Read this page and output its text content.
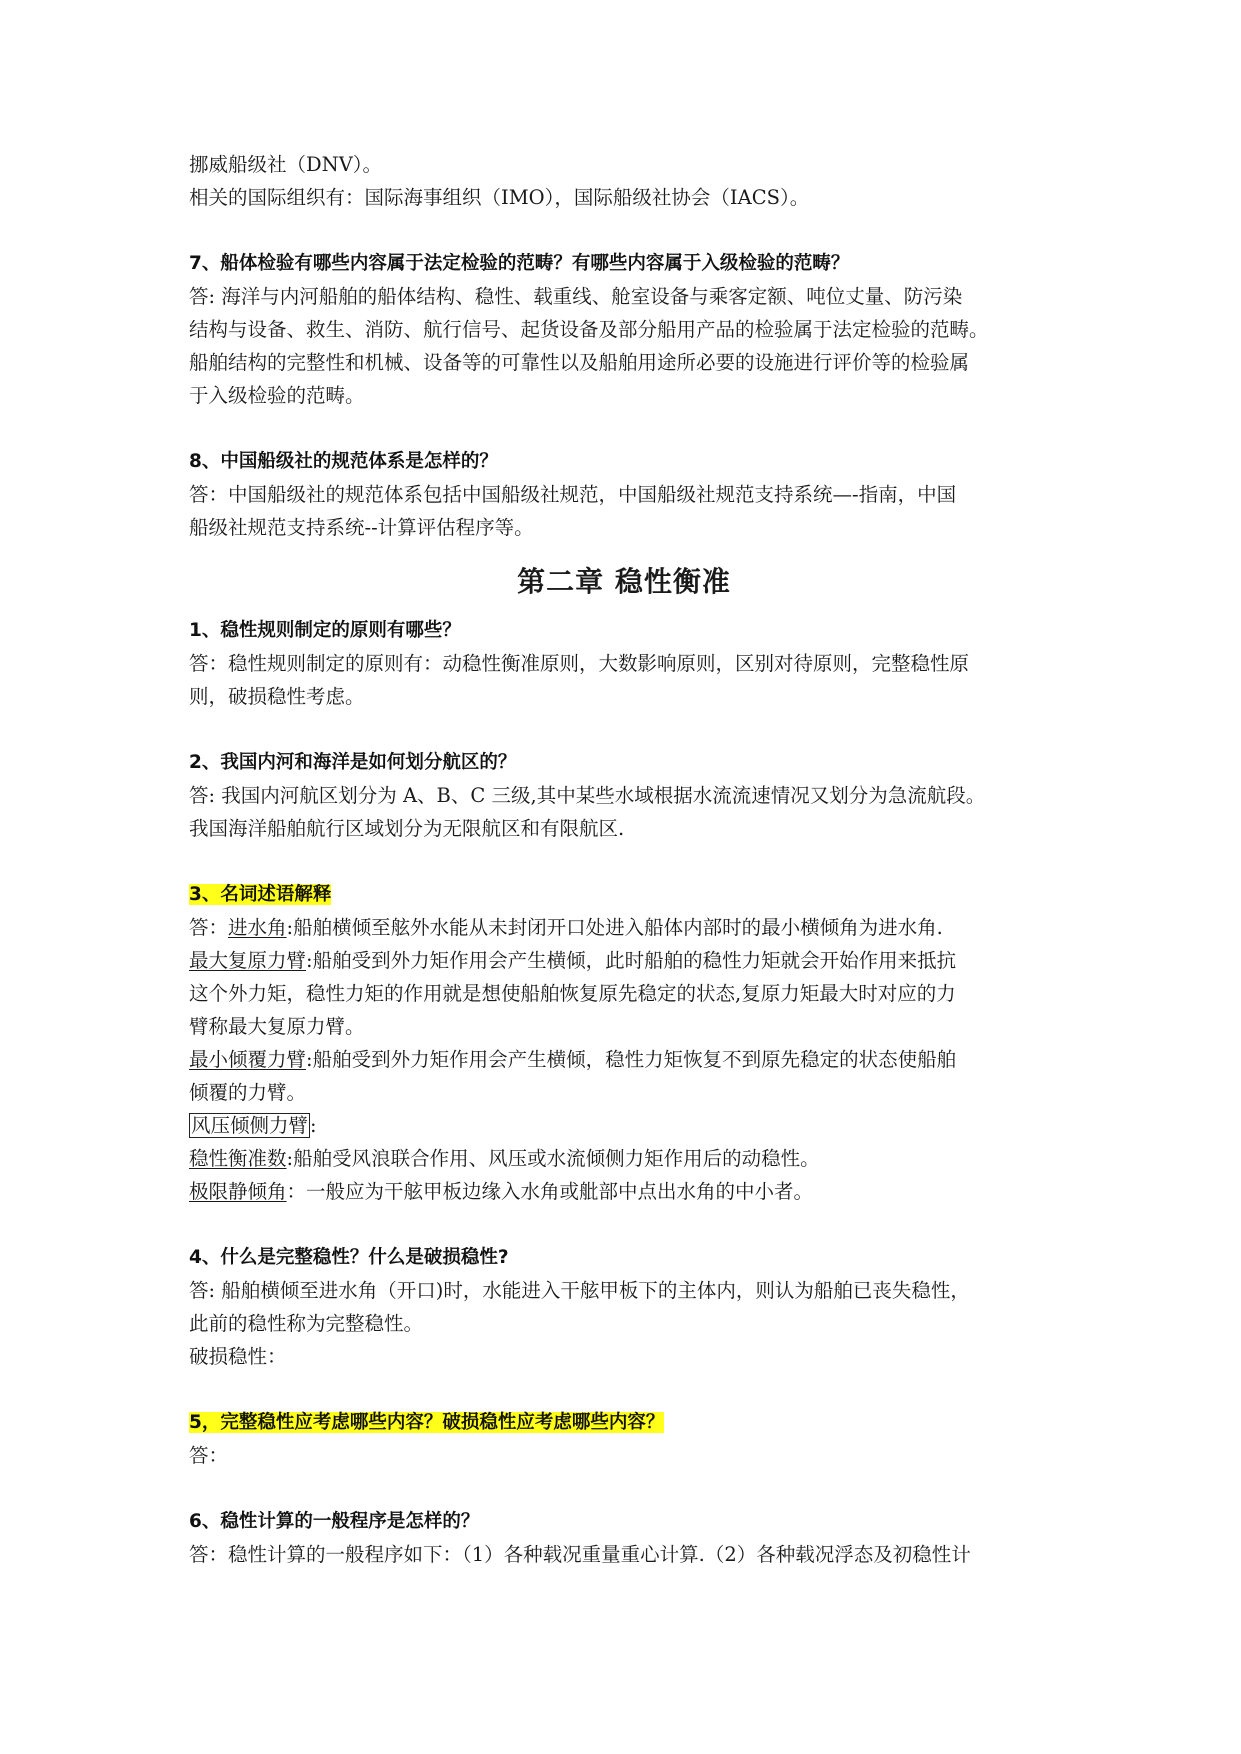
挪威船级社（DNV）。
相关的国际组织有：国际海事组织（IMO），国际船级社协会（IACS）。
7、船体检验有哪些内容属于法定检验的范畴？有哪些内容属于入级检验的范畴？
答: 海洋与内河船舶的船体结构、稳性、载重线、舱室设备与乘客定额、吨位丈量、防污染
结构与设备、救生、消防、航行信号、起货设备及部分船用产品的检验属于法定检验的范畴。
船舶结构的完整性和机械、设备等的可靠性以及船舶用途所必要的设施进行评价等的检验属
于入级检验的范畴。
8、中国船级社的规范体系是怎样的？
答：中国船级社的规范体系包括中国船级社规范，中国船级社规范支持系统—-指南，中国
船级社规范支持系统--计算评估程序等。
第二章 稳性衡准
1、稳性规则制定的原则有哪些？
答：稳性规则制定的原则有：动稳性衡准原则，大数影响原则，区别对待原则，完整稳性原
则，破损稳性考虑。
2、我国内河和海洋是如何划分航区的？
答: 我国内河航区划分为 A、B、C 三级,其中某些水域根据水流流速情况又划分为急流航段。
我国海洋船舶航行区域划分为无限航区和有限航区.
3、名词述语解释
答：进水角:船舶横倾至舷外水能从未封闭开口处进入船体内部时的最小横倾角为进水角.
最大复原力臂:船舶受到外力矩作用会产生横倾，此时船舶的稳性力矩就会开始作用来抵抗
这个外力矩，稳性力矩的作用就是想使船舶恢复原先稳定的状态,复原力矩最大时对应的力
臂称最大复原力臂。
最小倾覆力臂:船舶受到外力矩作用会产生横倾，稳性力矩恢复不到原先稳定的状态使船舶
倾覆的力臂。
风压倾侧力臂 :
稳性衡准数:船舶受风浪联合作用、风压或水流倾侧力矩作用后的动稳性。
极限静倾角：一般应为干舷甲板边缘入水角或舭部中点出水角的中小者。
4、什么是完整稳性？什么是破损稳性?
答: 船舶横倾至进水角（开口)时，水能进入干舷甲板下的主体内，则认为船舶已丧失稳性，
此前的稳性称为完整稳性。
破损稳性：
5，完整稳性应考虑哪些内容？破损稳性应考虑哪些内容？
答：
6、稳性计算的一般程序是怎样的？
答：稳性计算的一般程序如下：（1）各种载况重量重心计算.（2）各种载况浮态及初稳性计
